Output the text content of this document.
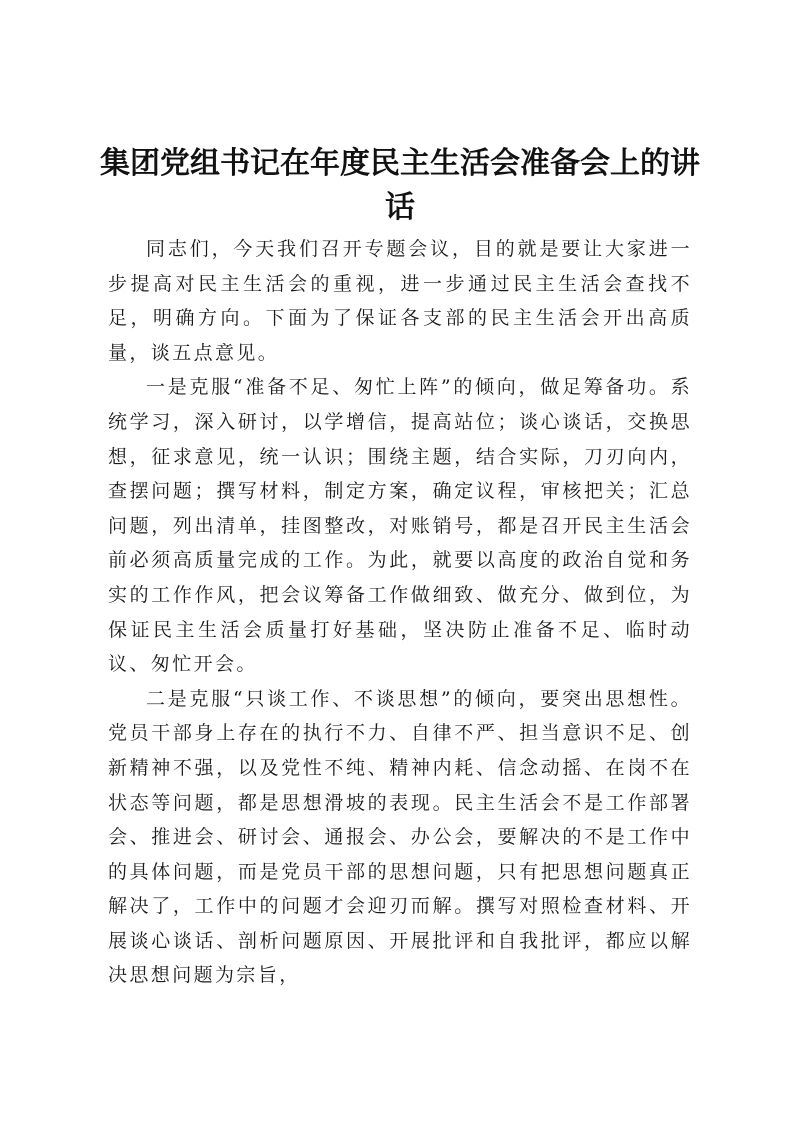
集团党组书记在年度民主生活会准备会上的讲话

同志们，今天我们召开专题会议，目的就是要让大家进一步提高对民主生活会的重视，进一步通过民主生活会查找不足，明确方向。下面为了保证各支部的民主生活会开出高质量，谈五点意见。

一是克服“准备不足、匆忙上阵”的倾向，做足筹备功。系统学习，深入研讨，以学增信，提高站位；谈心谈话，交换思想，征求意见，统一认识；围绕主题，结合实际，刀刃向内，查摆问题；撰写材料，制定方案，确定议程，审核把关；汇总问题，列出清单，挂图整改，对账销号，都是召开民主生活会前必须高质量完成的工作。为此，就要以高度的政治自觉和务实的工作作风，把会议筹备工作做细致、做充分、做到位，为保证民主生活会质量打好基础，坚决防止准备不足、临时动议、匆忙开会。

二是克服“只谈工作、不谈思想”的倾向，要突出思想性。党员干部身上存在的执行不力、自律不严、担当意识不足、创新精神不强，以及党性不纯、精神内耗、信念动摇、在岗不在状态等问题，都是思想滑坡的表现。民主生活会不是工作部署会、推进会、研讨会、通报会、办公会，要解决的不是工作中的具体问题，而是党员干部的思想问题，只有把思想问题真正解决了，工作中的问题才会迎刃而解。撰写对照检查材料、开展谈心谈话、剖析问题原因、开展批评和自我批评，都应以解决思想问题为宗旨，
